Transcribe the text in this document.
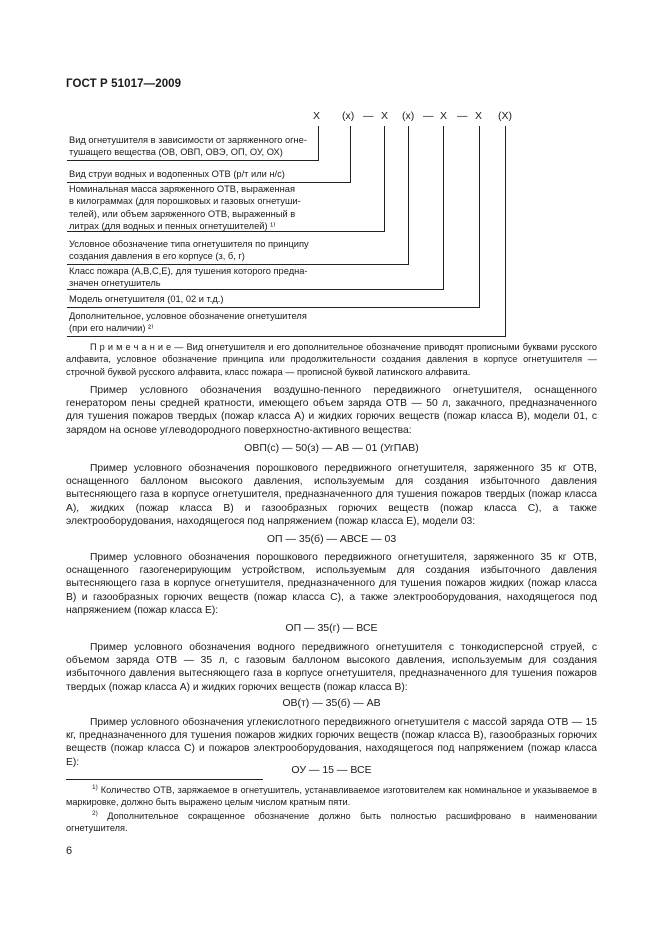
ГОСТ Р 51017—2009
X (x) — X (x) — X — X (X)
Вид огнетушителя в зависимости от заряженного огне-
тушащего вещества (ОВ, ОВП, ОВЭ, ОП, ОУ, ОХ)
Вид струи водных и водопенных ОТВ (р/т или н/с)
Номинальная масса заряженного ОТВ, выраженная
в килограммах (для порошковых и газовых огнетуши-
телей), или объем заряженного ОТВ, выраженный в
литрах (для водных и пенных огнетушителей) ¹⁾
Условное обозначение типа огнетушителя по принципу
создания давления в его корпусе (з, б, г)
Класс пожара (А,В,С,Е), для тушения которого предна-
значен огнетушитель
Модель огнетушителя (01, 02 и т.д.)
Дополнительное, условное обозначение огнетушителя
(при его наличии) ²⁾
П р и м е ч а н и е — Вид огнетушителя и его дополнительное обозначение приводят прописными буквами русского алфавита, условное обозначение принципа или продолжительности создания давления в корпусе огнетушителя — строчной буквой русского алфавита, класс пожара — прописной буквой латинского алфавита.
Пример условного обозначения воздушно-пенного передвижного огнетушителя, оснащенного генератором пены средней кратности, имеющего объем заряда ОТВ — 50 л, закачного, предназначенного для тушения пожаров твердых (пожар класса А) и жидких горючих веществ (пожар класса В), модели 01, с зарядом на основе углеводородного поверхностно-активного вещества:
ОВП(с) — 50(з) — АВ — 01 (УгПАВ)
Пример условного обозначения порошкового передвижного огнетушителя, заряженного 35 кг ОТВ, оснащенного баллоном высокого давления, используемым для создания избыточного давления вытесняющего газа в корпусе огнетушителя, предназначенного для тушения пожаров твердых (пожар класса А), жидких (пожар класса В) и газообразных горючих веществ (пожар класса С), а также электрооборудования, находящегося под напряжением (пожар класса Е), модели 03:
ОП — 35(б) — АВСЕ — 03
Пример условного обозначения порошкового передвижного огнетушителя, заряженного 35 кг ОТВ, оснащенного газогенерирующим устройством, используемым для создания избыточного давления вытесняющего газа в корпусе огнетушителя, предназначенного для тушения пожаров жидких (пожар класса В) и газообразных горючих веществ (пожар класса С), а также электрооборудования, находящегося под напряжением (пожар класса Е):
ОП — 35(г) — ВСЕ
Пример условного обозначения водного передвижного огнетушителя с тонкодисперсной струей, с объемом заряда ОТВ — 35 л, с газовым баллоном высокого давления, используемым для создания избыточного давления вытесняющего газа в корпусе огнетушителя, предназначенного для тушения пожаров твердых (пожар класса А) и жидких горючих веществ (пожар класса В):
ОВ(т) — 35(б) — АВ
Пример условного обозначения углекислотного передвижного огнетушителя с массой заряда ОТВ — 15 кг, предназначенного для тушения пожаров жидких горючих веществ (пожар класса В), газообразных горючих веществ (пожар класса С) и пожаров электрооборудования, находящегося под напряжением (пожар класса Е):
ОУ — 15 — ВСЕ
$^{1)}$ Количество ОТВ, заряжаемое в огнетушитель, устанавливаемое изготовителем как номинальное и указываемое в маркировке, должно быть выражено целым числом кратным пяти.
$^{2)}$ Дополнительное сокращенное обозначение должно быть полностью расшифровано в наименовании огнетушителя.
6
